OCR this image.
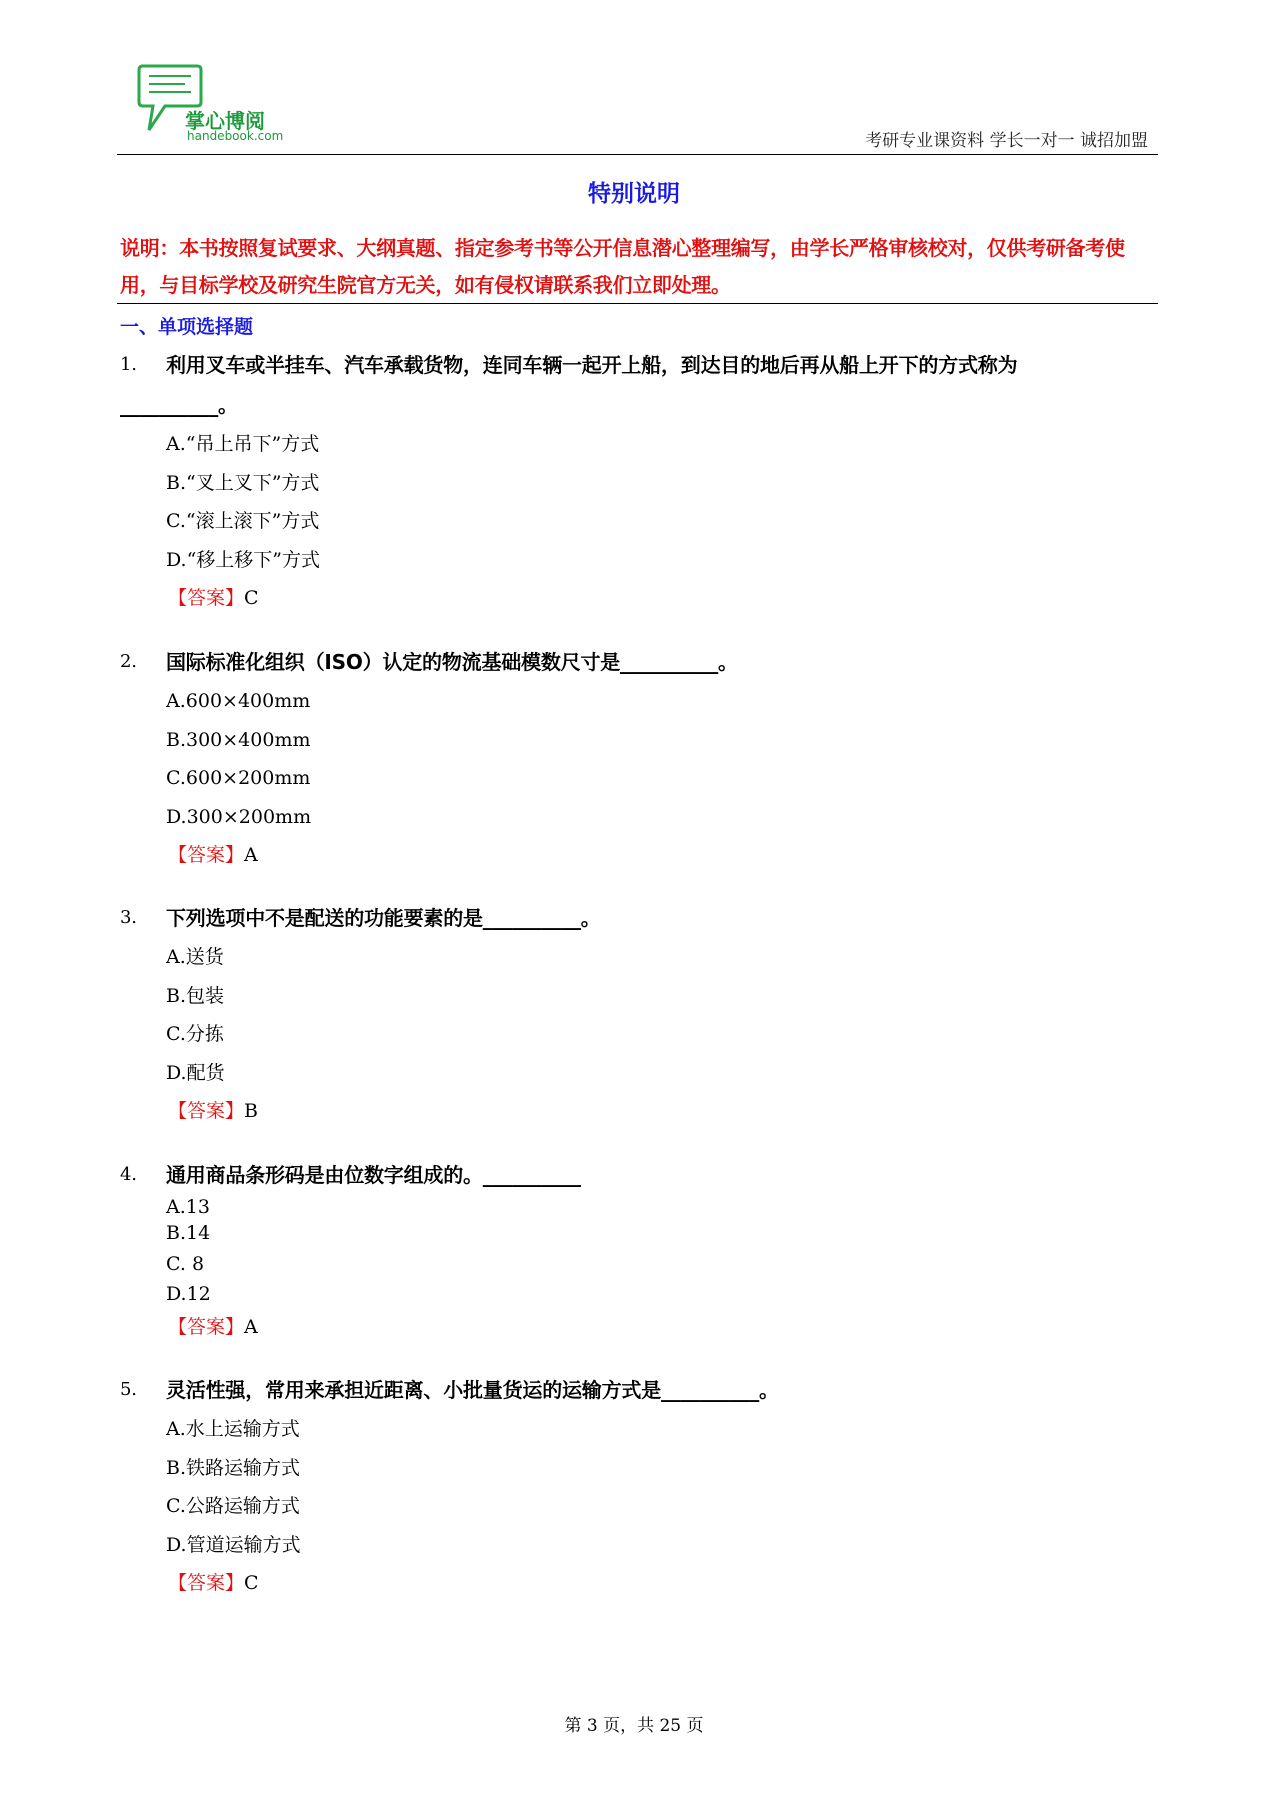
掌心博阅
handebook.com	考研专业课资料 学长一对一 诚招加盟
特别说明
说明：本书按照复试要求、大纲真题、指定参考书等公开信息潜心整理编写，由学长严格审核校对，仅供考研备考使用，与目标学校及研究生院官方无关，如有侵权请联系我们立即处理。
一、单项选择题
1. 利用叉车或半挂车、汽车承载货物，连同车辆一起开上船，到达目的地后再从船上开下的方式称为
__________。
A.“吊上吊下”方式
B.“叉上叉下”方式
C.“滚上滚下”方式
D.“移上移下”方式
【答案】C
2. 国际标准化组织（ISO）认定的物流基础模数尺寸是__________。
A.600×400mm
B.300×400mm
C.600×200mm
D.300×200mm
【答案】A
3. 下列选项中不是配送的功能要素的是__________。
A.送货
B.包装
C.分拣
D.配货
【答案】B
4. 通用商品条形码是由位数字组成的。__________
A.13
B.14
C. 8
D.12
【答案】A
5. 灵活性强，常用来承担近距离、小批量货运的运输方式是__________。
A.水上运输方式
B.铁路运输方式
C.公路运输方式
D.管道运输方式
【答案】C
第 3 页，共 25 页
